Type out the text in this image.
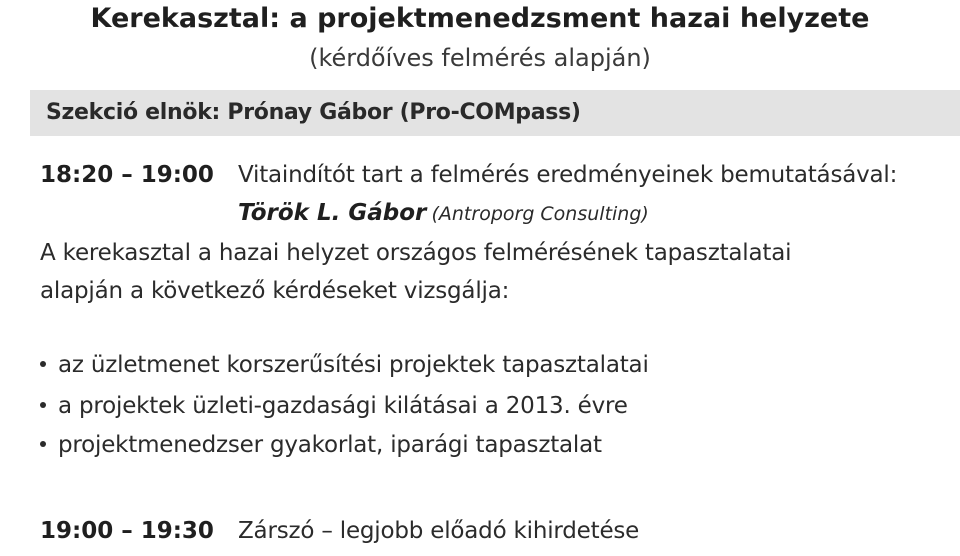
Kerekasztal: a projektmenedzsment hazai helyzete
(kérdőíves felmérés alapján)
Szekció elnök: Prónay Gábor (Pro-COMpass)
18:20 – 19:00 Vitaindítót tart a felmérés eredményeinek bemutatásával:
Török L. Gábor (Antroporg Consulting)
A kerekasztal a hazai helyzet országos felmérésének tapasztalatai
alapján a következő kérdéseket vizsgálja:
az üzletmenet korszerűsítési projektek tapasztalatai
a projektek üzleti-gazdasági kilátásai a 2013. évre
projektmenedzser gyakorlat, iparági tapasztalat
19:00 – 19:30 Zárszó – legjobb előadó kihirdetése
